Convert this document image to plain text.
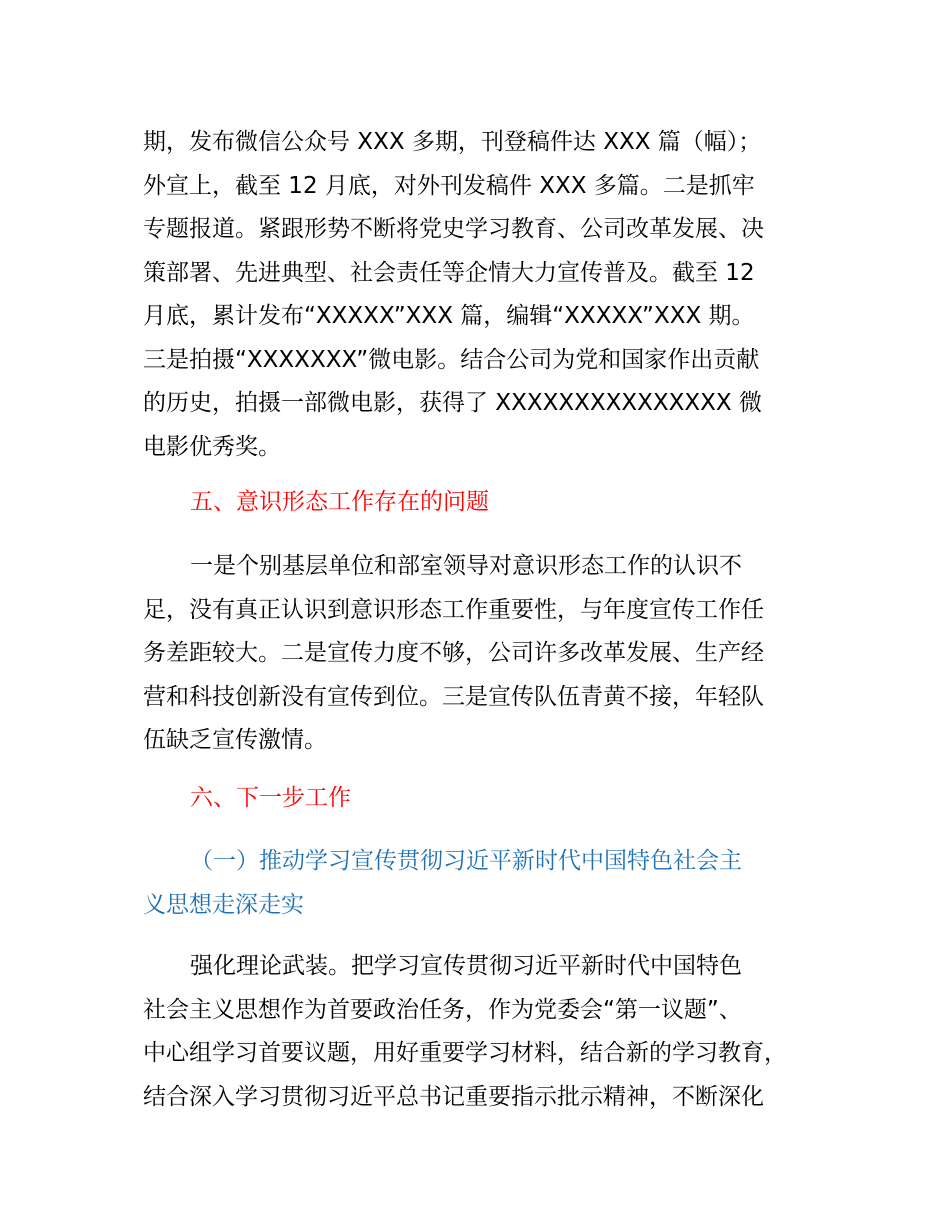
期，发布微信公众号 XXX 多期，刊登稿件达 XXX 篇（幅）；
外宣上，截至 12 月底，对外刊发稿件 XXX 多篇。二是抓牢
专题报道。紧跟形势不断将党史学习教育、公司改革发展、决
策部署、先进典型、社会责任等企情大力宣传普及。截至 12
月底，累计发布“XXXXX”XXX 篇，编辑“XXXXX”XXX 期。
三是拍摄“XXXXXXX”微电影。结合公司为党和国家作出贡献
的历史，拍摄一部微电影，获得了 XXXXXXXXXXXXXXX 微
电影优秀奖。
五、意识形态工作存在的问题
一是个别基层单位和部室领导对意识形态工作的认识不
足，没有真正认识到意识形态工作重要性，与年度宣传工作任
务差距较大。二是宣传力度不够，公司许多改革发展、生产经
营和科技创新没有宣传到位。三是宣传队伍青黄不接，年轻队
伍缺乏宣传激情。
六、下一步工作
（一）推动学习宣传贯彻习近平新时代中国特色社会主
义思想走深走实
强化理论武装。把学习宣传贯彻习近平新时代中国特色
社会主义思想作为首要政治任务，作为党委会“第一议题”、
中心组学习首要议题，用好重要学习材料，结合新的学习教育，
结合深入学习贯彻习近平总书记重要指示批示精神，不断深化
